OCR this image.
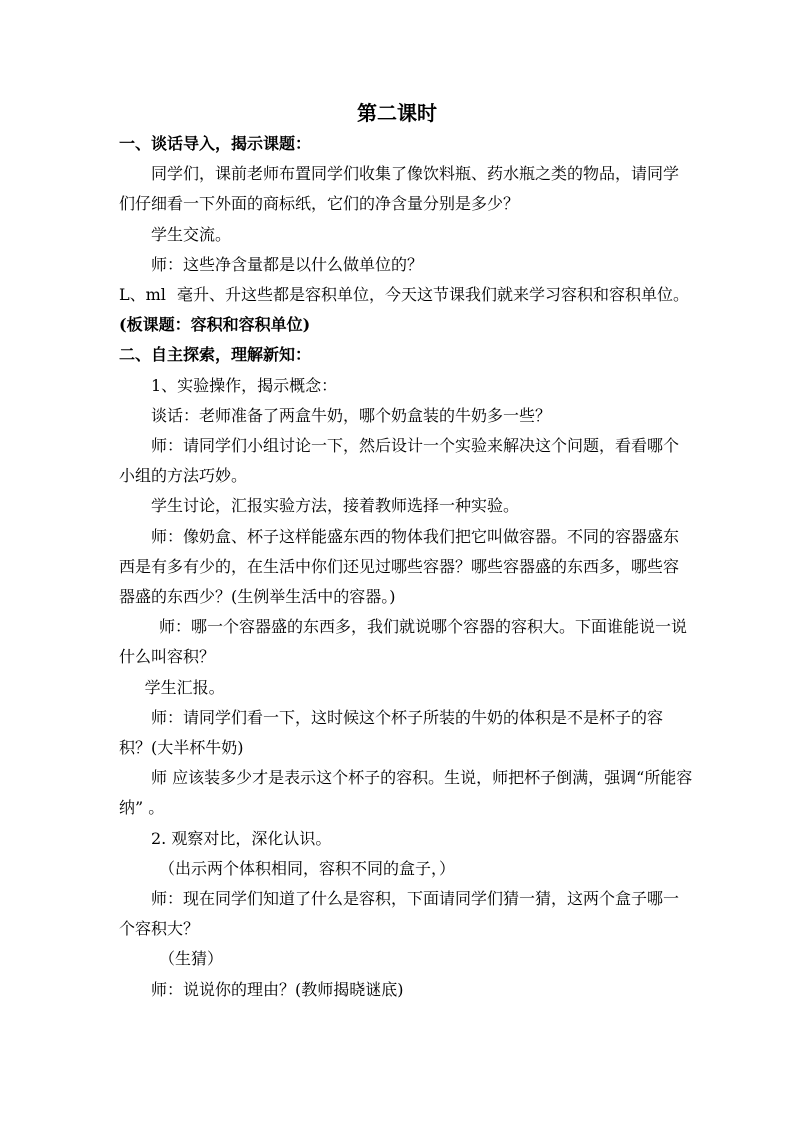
第二课时

一、谈话导入，揭示课题：

同学们，课前老师布置同学们收集了像饮料瓶、药水瓶之类的物品，请同学们仔细看一下外面的商标纸，它们的净含量分别是多少？

学生交流。

师：这些净含量都是以什么做单位的？

L、ml 毫升、升这些都是容积单位，今天这节课我们就来学习容积和容积单位。(板课题：容积和容积单位)

二、自主探索，理解新知：

1、实验操作，揭示概念：

谈话：老师准备了两盒牛奶，哪个奶盒装的牛奶多一些？

师：请同学们小组讨论一下，然后设计一个实验来解决这个问题，看看哪个小组的方法巧妙。

学生讨论，汇报实验方法，接着教师选择一种实验。

师：像奶盒、杯子这样能盛东西的物体我们把它叫做容器。不同的容器盛东西是有多有少的，在生活中你们还见过哪些容器？哪些容器盛的东西多，哪些容器盛的东西少？(生例举生活中的容器。)

师：哪一个容器盛的东西多，我们就说哪个容器的容积大。下面谁能说一说什么叫容积？

学生汇报。

师：请同学们看一下，这时候这个杯子所装的牛奶的体积是不是杯子的容积？(大半杯牛奶)

师 应该装多少才是表示这个杯子的容积。生说，师把杯子倒满，强调“所能容纳” 。

2. 观察对比，深化认识。

（出示两个体积相同，容积不同的盒子，）

师：现在同学们知道了什么是容积，下面请同学们猜一猜，这两个盒子哪一个容积大？

（生猜）

师：说说你的理由？(教师揭晓谜底)
